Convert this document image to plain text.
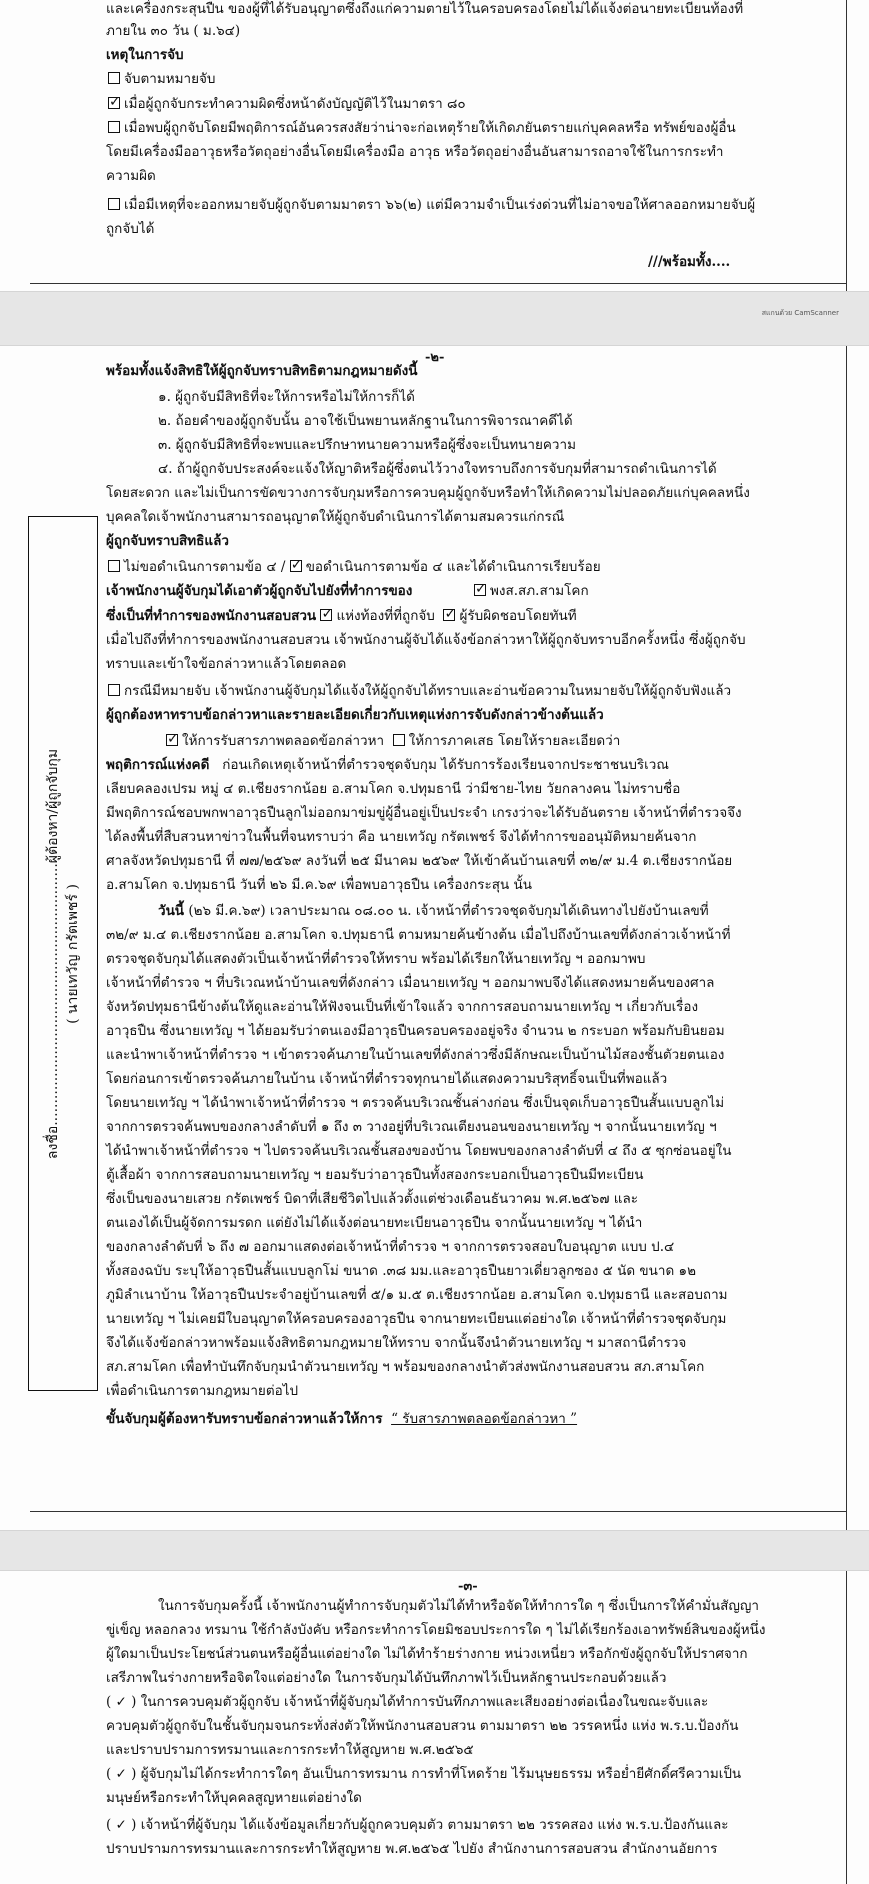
และเครื่องกระสุนปืน ของผู้ที่ได้รับอนุญาตซึ่งถึงแก่ความตายไว้ในครอบครองโดยไม่ได้แจ้งต่อนายทะเบียนท้องที่
ภายใน ๓๐ วัน ( ม.๖๔)
เหตุในการจับ
จับตามหมายจับ
✓เมื่อผู้ถูกจับกระทำความผิดซึ่งหน้าดังบัญญัติไว้ในมาตรา ๘๐
เมื่อพบผู้ถูกจับโดยมีพฤติการณ์อันควรสงสัยว่าน่าจะก่อเหตุร้ายให้เกิดภยันตรายแก่บุคคลหรือ ทรัพย์ของผู้อื่น
โดยมีเครื่องมืออาวุธหรือวัตถุอย่างอื่นโดยมีเครื่องมือ อาวุธ หรือวัตถุอย่างอื่นอันสามารถอาจใช้ในการกระทำ
ความผิด
เมื่อมีเหตุที่จะออกหมายจับผู้ถูกจับตามมาตรา ๖๖(๒) แต่มีความจำเป็นเร่งด่วนที่ไม่อาจขอให้ศาลออกหมายจับผู้
ถูกจับได้
///พร้อมทั้ง....
สแกนด้วย CamScanner
-๒-
ลงชื่อ...........................................................ผู้ต้องหา/ผู้ถูกจับกุม ( นายเทวัญ กรัตเพชร์ )
พร้อมทั้งแจ้งสิทธิให้ผู้ถูกจับทราบสิทธิตามกฎหมายดังนี้
๑. ผู้ถูกจับมีสิทธิที่จะให้การหรือไม่ให้การก็ได้
๒. ถ้อยคำของผู้ถูกจับนั้น อาจใช้เป็นพยานหลักฐานในการพิจารณาคดีได้
๓. ผู้ถูกจับมีสิทธิที่จะพบและปรึกษาทนายความหรือผู้ซึ่งจะเป็นทนายความ
๔. ถ้าผู้ถูกจับประสงค์จะแจ้งให้ญาติหรือผู้ซึ่งตนไว้วางใจทราบถึงการจับกุมที่สามารถดำเนินการได้
โดยสะดวก และไม่เป็นการขัดขวางการจับกุมหรือการควบคุมผู้ถูกจับหรือทำให้เกิดความไม่ปลอดภัยแก่บุคคลหนึ่ง
บุคคลใดเจ้าพนักงานสามารถอนุญาตให้ผู้ถูกจับดำเนินการได้ตามสมควรแก่กรณี
ผู้ถูกจับทราบสิทธิแล้ว
ไม่ขอดำเนินการตามข้อ ๔ / ✓ ขอดำเนินการตามข้อ ๔ และได้ดำเนินการเรียบร้อย
เจ้าพนักงานผู้จับกุมได้เอาตัวผู้ถูกจับไปยังที่ทำการของ ✓	พงส.สภ.สามโคก
ซึ่งเป็นที่ทำการของพนักงานสอบสวน ✓ แห่งท้องที่ที่ถูกจับ ✓ ผู้รับผิดชอบโดยทันที
เมื่อไปถึงที่ทำการของพนักงานสอบสวน เจ้าพนักงานผู้จับได้แจ้งข้อกล่าวหาให้ผู้ถูกจับทราบอีกครั้งหนึ่ง ซึ่งผู้ถูกจับ
ทราบและเข้าใจข้อกล่าวหาแล้วโดยตลอด
กรณีมีหมายจับ เจ้าพนักงานผู้จับกุมได้แจ้งให้ผู้ถูกจับได้ทราบและอ่านข้อความในหมายจับให้ผู้ถูกจับฟังแล้ว
ผู้ถูกต้องหาทราบข้อกล่าวหาและรายละเอียดเกี่ยวกับเหตุแห่งการจับดังกล่าวข้างต้นแล้ว
✓ให้การรับสารภาพตลอดข้อกล่าวหา ให้การภาคเสธ โดยให้รายละเอียดว่า
พฤติการณ์แห่งคดี ก่อนเกิดเหตุเจ้าหน้าที่ตำรวจชุดจับกุม ได้รับการร้องเรียนจากประชาชนบริเวณ
เลียบคลองเปรม หมู่ ๔ ต.เชียงรากน้อย อ.สามโคก จ.ปทุมธานี ว่ามีชาย-ไทย วัยกลางคน ไม่ทราบชื่อ
มีพฤติการณ์ชอบพกพาอาวุธปืนลูกไม่ออกมาข่มขู่ผู้อื่นอยู่เป็นประจำ เกรงว่าจะได้รับอันตราย เจ้าหน้าที่ตำรวจจึง
ได้ลงพื้นที่สืบสวนหาข่าวในพื้นที่จนทราบว่า คือ นายเทวัญ กรัตเพชร์ จึงได้ทำการขออนุมัติหมายค้นจาก
ศาลจังหวัดปทุมธานี ที่ ๗๗/๒๕๖๙ ลงวันที่ ๒๕ มีนาคม ๒๕๖๙ ให้เข้าค้นบ้านเลขที่ ๓๒/๙ ม.4 ต.เชียงรากน้อย
อ.สามโคก จ.ปทุมธานี วันที่ ๒๖ มี.ค.๖๙ เพื่อพบอาวุธปืน เครื่องกระสุน นั้น
วันนี้ (๒๖ มี.ค.๖๙) เวลาประมาณ ๐๘.๐๐ น. เจ้าหน้าที่ตำรวจชุดจับกุมได้เดินทางไปยังบ้านเลขที่
๓๒/๙ ม.๔ ต.เชียงรากน้อย อ.สามโคก จ.ปทุมธานี ตามหมายค้นข้างต้น เมื่อไปถึงบ้านเลขที่ดังกล่าวเจ้าหน้าที่
ตรวจชุดจับกุมได้แสดงตัวเป็นเจ้าหน้าที่ตำรวจให้ทราบ พร้อมได้เรียกให้นายเทวัญ ฯ ออกมาพบ
เจ้าหน้าที่ตำรวจ ฯ ที่บริเวณหน้าบ้านเลขที่ดังกล่าว เมื่อนายเทวัญ ฯ ออกมาพบจึงได้แสดงหมายค้นของศาล
จังหวัดปทุมธานีข้างต้นให้ดูและอ่านให้ฟังจนเป็นที่เข้าใจแล้ว จากการสอบถามนายเทวัญ ฯ เกี่ยวกับเรื่อง
อาวุธปืน ซึ่งนายเทวัญ ฯ ได้ยอมรับว่าตนเองมีอาวุธปืนครอบครองอยู่จริง จำนวน ๒ กระบอก พร้อมกับยินยอม
และนำพาเจ้าหน้าที่ตำรวจ ฯ เข้าตรวจค้นภายในบ้านเลขที่ดังกล่าวซึ่งมีลักษณะเป็นบ้านไม้สองชั้นตัวยตนเอง
โดยก่อนการเข้าตรวจค้นภายในบ้าน เจ้าหน้าที่ตำรวจทุกนายได้แสดงความบริสุทธิ์จนเป็นที่พอแล้ว
โดยนายเทวัญ ฯ ได้นำพาเจ้าหน้าที่ตำรวจ ฯ ตรวจค้นบริเวณชั้นล่างก่อน ซึ่งเป็นจุดเก็บอาวุธปืนสั้นแบบลูกไม่
จากการตรวจค้นพบของกลางลำดับที่ ๑ ถึง ๓ วางอยู่ที่บริเวณเตียงนอนของนายเทวัญ ฯ จากนั้นนายเทวัญ ฯ
ได้นำพาเจ้าหน้าที่ตำรวจ ฯ ไปตรวจค้นบริเวณชั้นสองของบ้าน โดยพบของกลางลำดับที่ ๔ ถึง ๕ ซุกซ่อนอยู่ใน
ตู้เสื้อผ้า จากการสอบถามนายเทวัญ ฯ ยอมรับว่าอาวุธปืนทั้งสองกระบอกเป็นอาวุธปืนมีทะเบียน
ซึ่งเป็นของนายเสวย กรัตเพชร์ บิดาที่เสียชีวิตไปแล้วตั้งแต่ช่วงเดือนธันวาคม พ.ศ.๒๕๖๗ และ
ตนเองได้เป็นผู้จัดการมรดก แต่ยังไม่ได้แจ้งต่อนายทะเบียนอาวุธปืน จากนั้นนายเทวัญ ฯ ได้นำ
ของกลางลำดับที่ ๖ ถึง ๗ ออกมาแสดงต่อเจ้าหน้าที่ตำรวจ ฯ จากการตรวจสอบใบอนุญาต แบบ ป.๔
ทั้งสองฉบับ ระบุให้อาวุธปืนสั้นแบบลูกโม่ ขนาด .๓๘ มม.และอาวุธปืนยาวเดี่ยวลูกซอง ๕ นัด ขนาด ๑๒
ภูมิลำเนาบ้าน ให้อาวุธปืนประจำอยู่บ้านเลขที่ ๕/๑ ม.๕ ต.เชียงรากน้อย อ.สามโคก จ.ปทุมธานี และสอบถาม
นายเทวัญ ฯ ไม่เคยมีใบอนุญาตให้ครอบครองอาวุธปืน จากนายทะเบียนแต่อย่างใด เจ้าหน้าที่ตำรวจชุดจับกุม
จึงได้แจ้งข้อกล่าวหาพร้อมแจ้งสิทธิตามกฎหมายให้ทราบ จากนั้นจึงนำตัวนายเทวัญ ฯ มาสถานีตำรวจ
สภ.สามโคก เพื่อทำบันทึกจับกุมนำตัวนายเทวัญ ฯ พร้อมของกลางนำตัวส่งพนักงานสอบสวน สภ.สามโคก
เพื่อดำเนินการตามกฎหมายต่อไป
ขั้นจับกุมผู้ต้องหารับทราบข้อกล่าวหาแล้วให้การ “ รับสารภาพตลอดข้อกล่าวหา ”
-๓-
ในการจับกุมครั้งนี้ เจ้าพนักงานผู้ทำการจับกุมตัวไม่ได้ทำหรือจัดให้ทำการใด ๆ ซึ่งเป็นการให้คำมั่นสัญญา
ขู่เข็ญ หลอกลวง ทรมาน ใช้กำลังบังคับ หรือกระทำการโดยมิชอบประการใด ๆ ไม่ได้เรียกร้องเอาทรัพย์สินของผู้หนึ่ง
ผู้ใดมาเป็นประโยชน์ส่วนตนหรือผู้อื่นแต่อย่างใด ไม่ได้ทำร้ายร่างกาย หน่วงเหนี่ยว หรือกักขังผู้ถูกจับให้ปราศจาก
เสรีภาพในร่างกายหรือจิตใจแต่อย่างใด ในการจับกุมได้บันทึกภาพไว้เป็นหลักฐานประกอบด้วยแล้ว
( ✓ ) ในการควบคุมตัวผู้ถูกจับ เจ้าหน้าที่ผู้จับกุมได้ทำการบันทึกภาพและเสียงอย่างต่อเนื่องในขณะจับและ
ควบคุมตัวผู้ถูกจับในชั้นจับกุมจนกระทั่งส่งตัวให้พนักงานสอบสวน ตามมาตรา ๒๒ วรรคหนึ่ง แห่ง พ.ร.บ.ป้องกัน
และปราบปรามการทรมานและการกระทำให้สูญหาย พ.ศ.๒๕๖๕
( ✓ ) ผู้จับกุมไม่ได้กระทำการใดๆ อันเป็นการทรมาน การทำที่โหดร้าย ไร้มนุษยธรรม หรือย่ำยีศักดิ์ศรีความเป็น
มนุษย์หรือกระทำให้บุคคลสูญหายแต่อย่างใด
( ✓ ) เจ้าหน้าที่ผู้จับกุม ได้แจ้งข้อมูลเกี่ยวกับผู้ถูกควบคุมตัว ตามมาตรา ๒๒ วรรคสอง แห่ง พ.ร.บ.ป้องกันและ
ปราบปรามการทรมานและการกระทำให้สูญหาย พ.ศ.๒๕๖๕ ไปยัง สำนักงานการสอบสวน สำนักงานอัยการ
